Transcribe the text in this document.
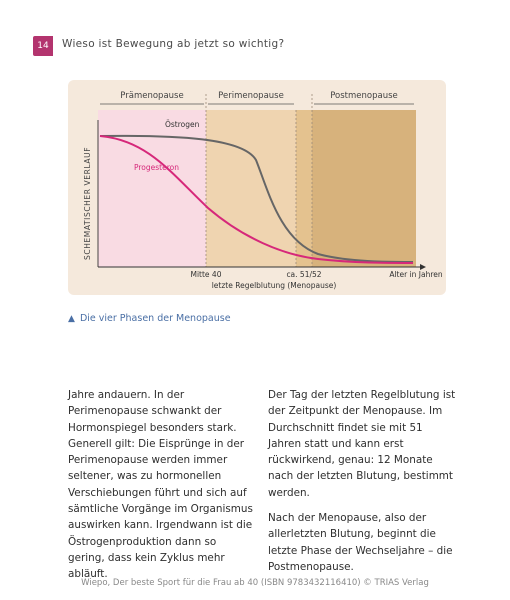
14	Wieso ist Bewegung ab jetzt so wichtig?
Prämenopause	Perimenopause	Postmenopause
SCHEMATISCHER VERLAUF
Östrogen
Progesteron
Mitte 40	ca. 51/52	Alter in Jahren
letzte Regelblutung (Menopause)
▲ Die vier Phasen der Menopause

Jahre andauern. In der Perimenopause schwankt der Hormonspiegel besonders stark. Generell gilt: Die Eisprünge in der Perimenopause werden immer seltener, was zu hormonellen Verschiebungen führt und sich auf sämtliche Vorgänge im Organismus auswirken kann. Irgendwann ist die Östrogenproduktion dann so gering, dass kein Zyklus mehr abläuft.

Der Tag der letzten Regelblutung ist der Zeitpunkt der Menopause. Im Durchschnitt findet sie mit 51 Jahren statt und kann erst rückwirkend, genau: 12 Monate nach der letzten Blutung, bestimmt werden.

Nach der Menopause, also der allerletzten Blutung, beginnt die letzte Phase der Wechseljahre – die Postmenopause.

Wiepo, Der beste Sport für die Frau ab 40 (ISBN 9783432116410) © TRIAS Verlag
